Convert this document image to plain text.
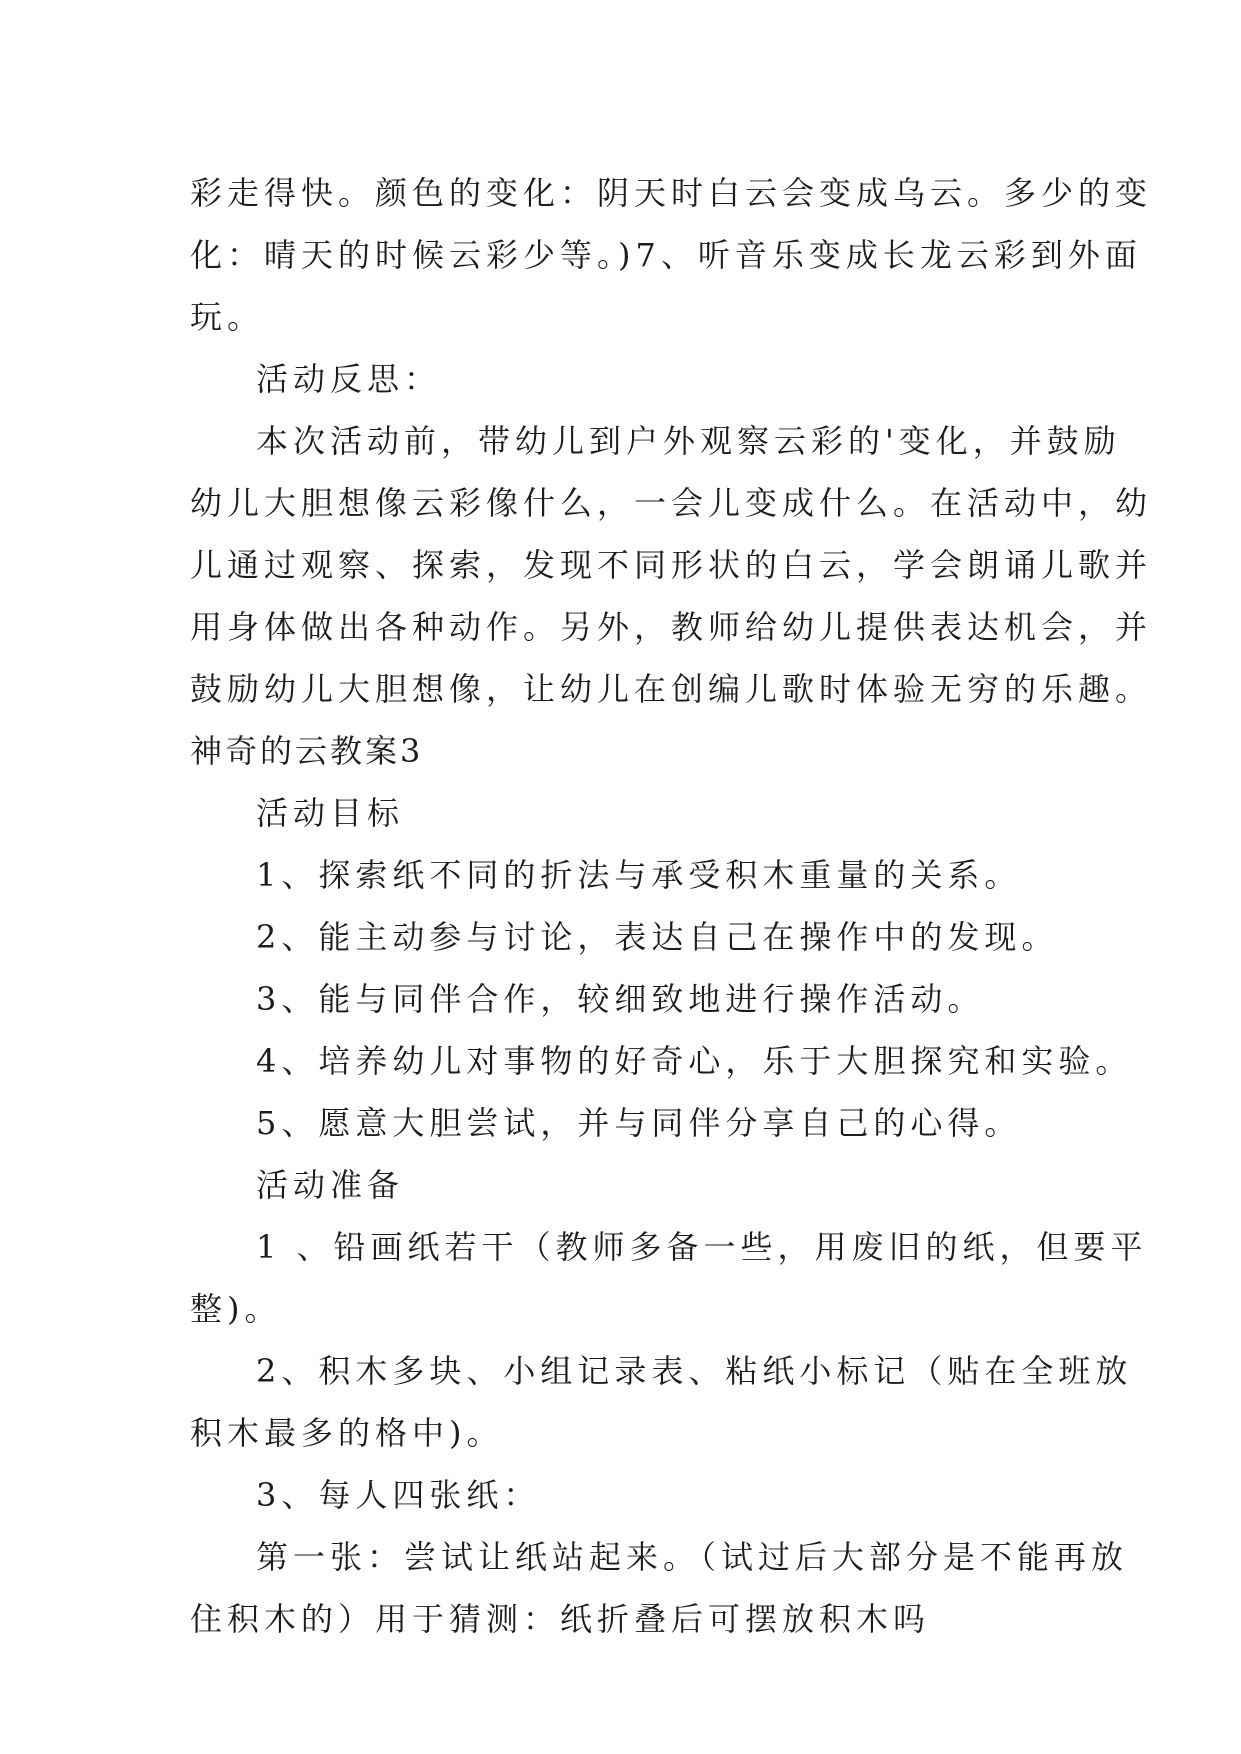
彩走得快。颜色的变化：阴天时白云会变成乌云。多少的变
化：晴天的时候云彩少等。)7、听音乐变成长龙云彩到外面
玩。
活动反思：
本次活动前，带幼儿到户外观察云彩的'变化，并鼓励
幼儿大胆想像云彩像什么，一会儿变成什么。在活动中，幼
儿通过观察、探索，发现不同形状的白云，学会朗诵儿歌并
用身体做出各种动作。另外，教师给幼儿提供表达机会，并
鼓励幼儿大胆想像，让幼儿在创编儿歌时体验无穷的乐趣。
神奇的云教案3
活动目标
1、探索纸不同的折法与承受积木重量的关系。
2、能主动参与讨论，表达自己在操作中的发现。
3、能与同伴合作，较细致地进行操作活动。
4、培养幼儿对事物的好奇心，乐于大胆探究和实验。
5、愿意大胆尝试，并与同伴分享自己的心得。
活动准备
1 、铅画纸若干（教师多备一些，用废旧的纸，但要平
整)。
2、积木多块、小组记录表、粘纸小标记（贴在全班放
积木最多的格中)。
3、每人四张纸：
第一张：尝试让纸站起来。（试过后大部分是不能再放
住积木的）用于猜测：纸折叠后可摆放积木吗
